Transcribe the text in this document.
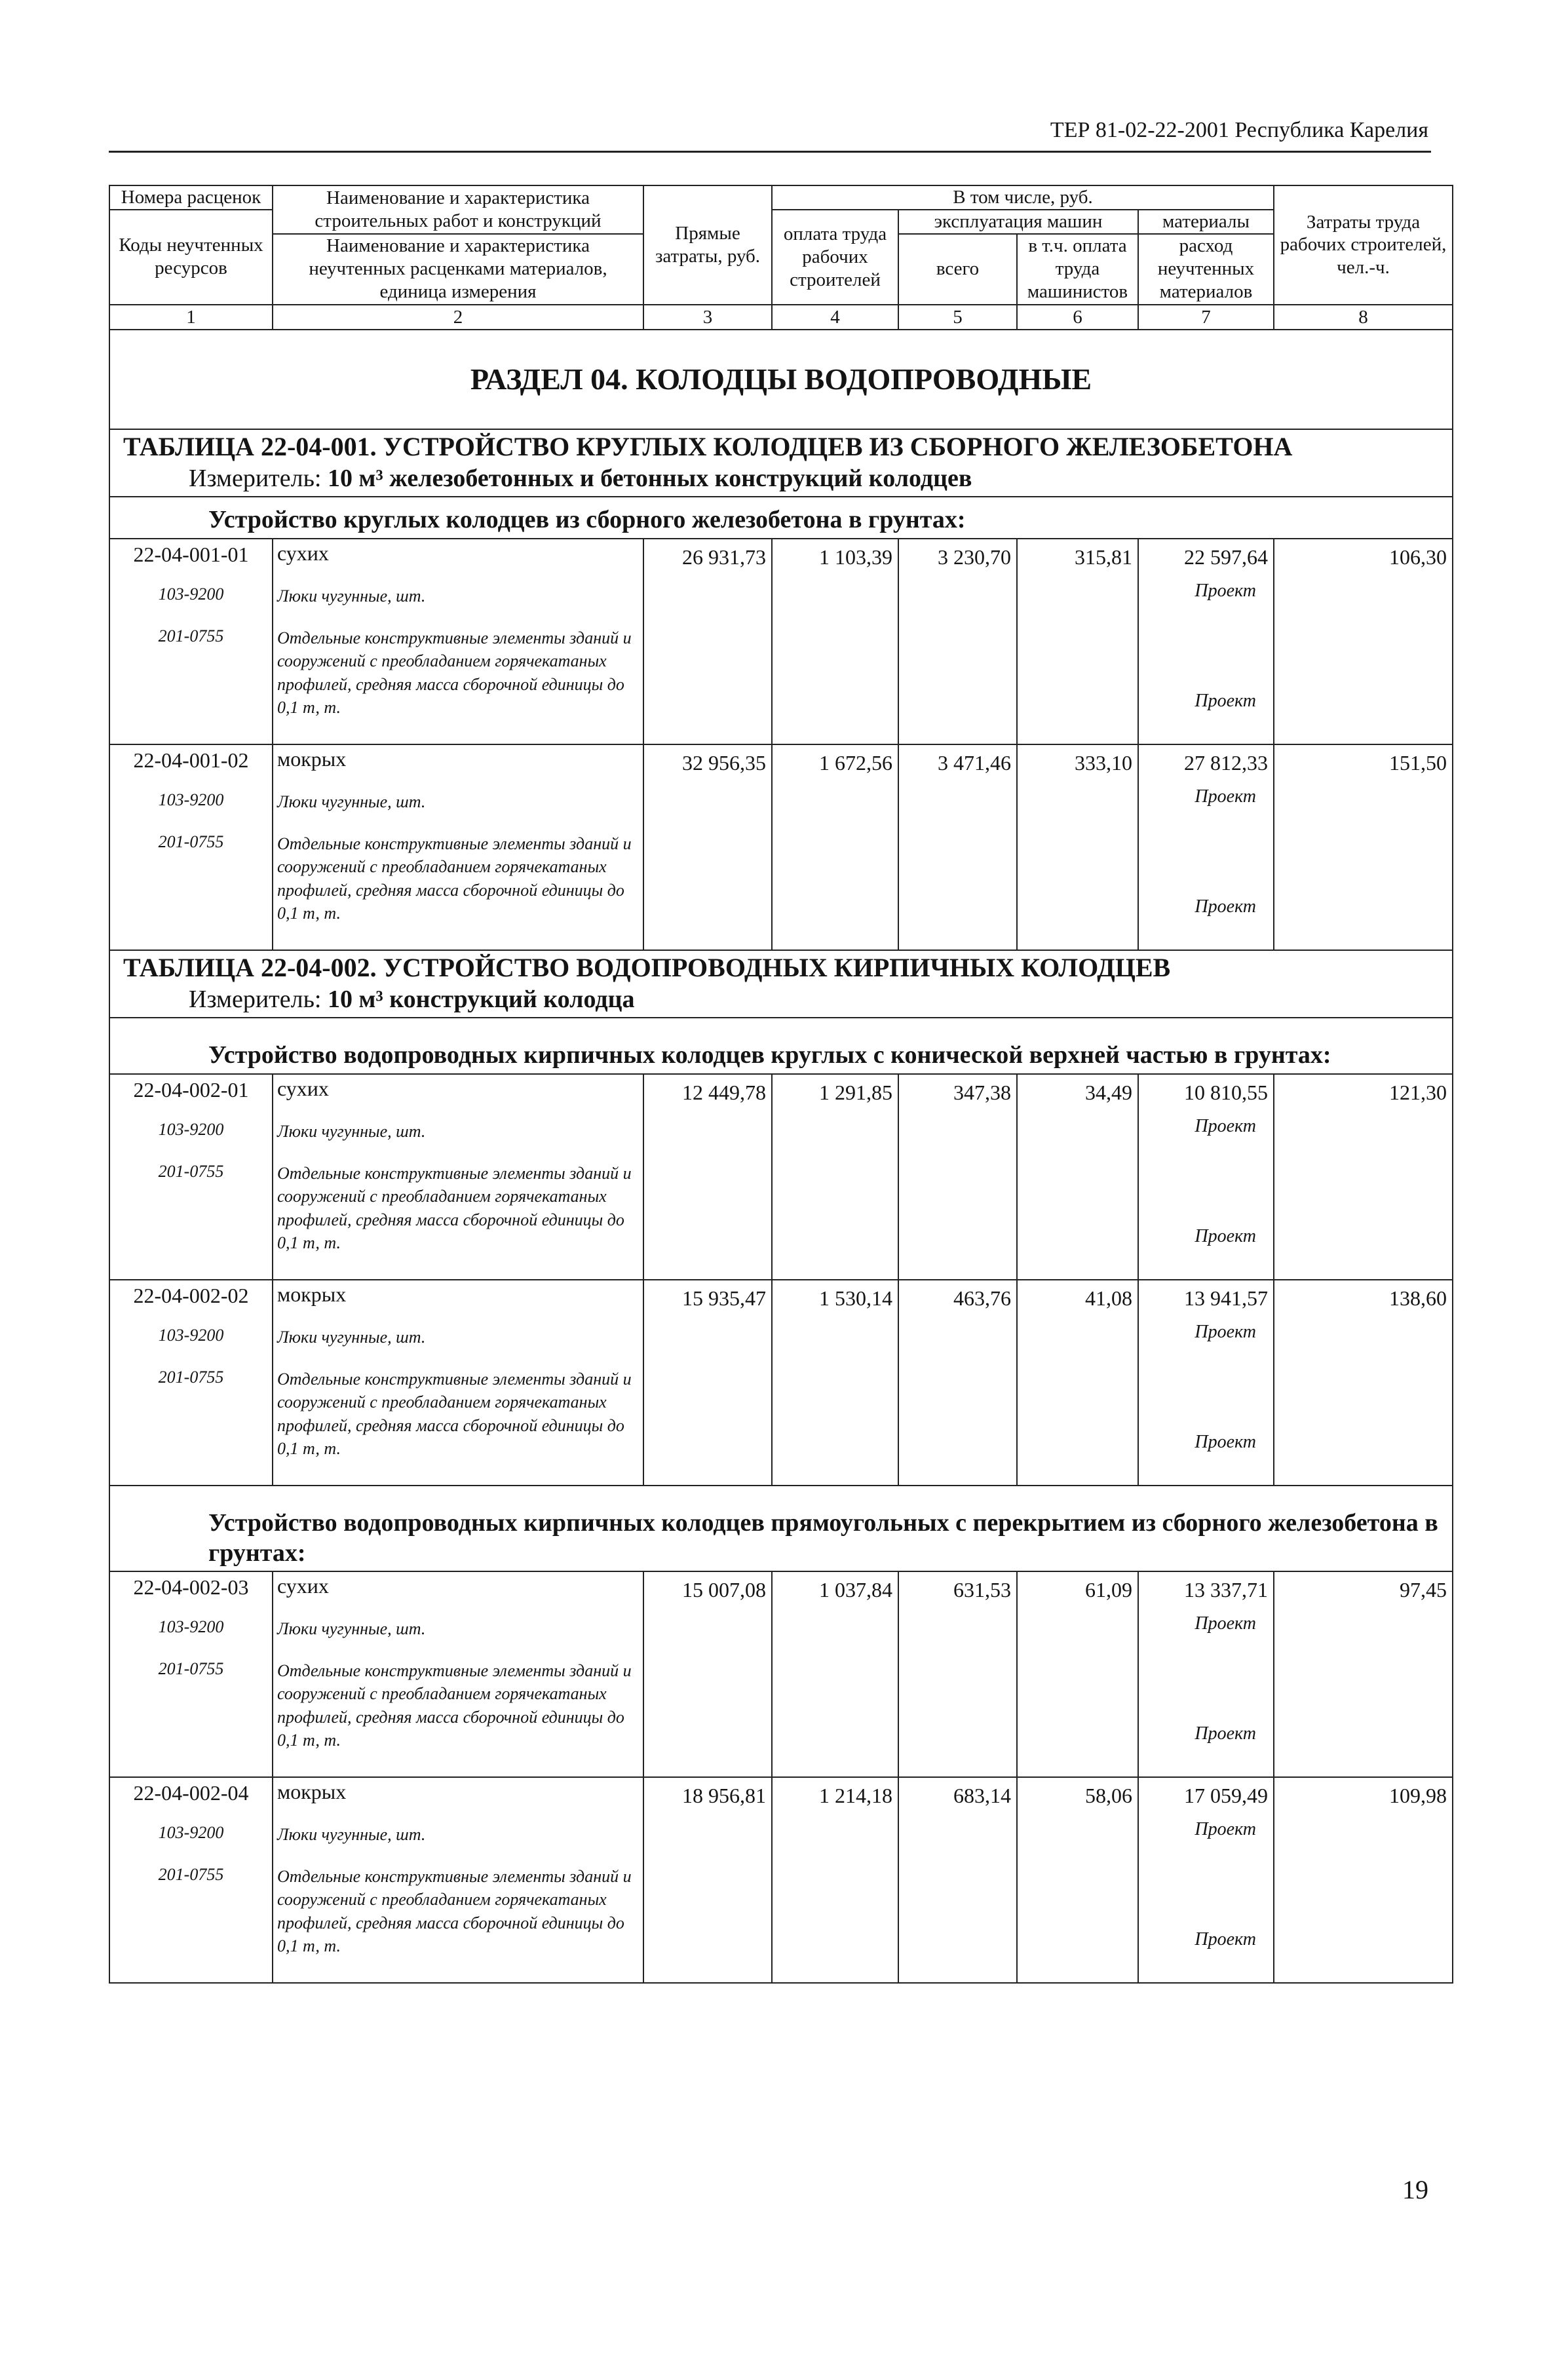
ТЕР 81-02-22-2001 Республика Карелия
Номера расценок	Наименование и характеристика строительных работ и конструкций	Прямые затраты, руб.	В том числе, руб.				Затраты труда рабочих строителей, чел.-ч.
Коды неучтенных ресурсов			оплата труда рабочих строителей	эксплуатация машин		материалы	
	Наименование и характеристика неучтенных расценками материалов, единица измерения			всего	в т.ч. оплата труда машинистов	расход неучтенных материалов	

1	2	3	4	5	6	7	8
РАЗДЕЛ 04. КОЛОДЦЫ ВОДОПРОВОДНЫЕ							

ТАБЛИЦА 22-04-001. УСТРОЙСТВО КРУГЛЫХ КОЛОДЦЕВ ИЗ СБОРНОГО ЖЕЛЕЗОБЕТОНА
Измеритель: 10 м³ железобетонных и бетонных конструкций колодцев							

Устройство круглых колодцев из сборного железобетона в грунтах:							
22-04-001-01	сухих	26 931,73	1 103,39	3 230,70	315,81	22 597,64	106,30
103-9200	Люки чугунные, шт.					Проект	
201-0755	Отдельные конструктивные элементы зданий и сооружений с преобладанием горячекатаных профилей, средняя масса сборочной единицы до 0,1 т, т.					Проект	
22-04-001-02	мокрых	32 956,35	1 672,56	3 471,46	333,10	27 812,33	151,50
103-9200	Люки чугунные, шт.					Проект	
201-0755	Отдельные конструктивные элементы зданий и сооружений с преобладанием горячекатаных профилей, средняя масса сборочной единицы до 0,1 т, т.					Проект	

ТАБЛИЦА 22-04-002. УСТРОЙСТВО ВОДОПРОВОДНЫХ КИРПИЧНЫХ КОЛОДЦЕВ
Измеритель: 10 м³ конструкций колодца							

Устройство водопроводных кирпичных колодцев круглых с конической верхней частью в грунтах:							
22-04-002-01	сухих	12 449,78	1 291,85	347,38	34,49	10 810,55	121,30
103-9200	Люки чугунные, шт.					Проект	
201-0755	Отдельные конструктивные элементы зданий и сооружений с преобладанием горячекатаных профилей, средняя масса сборочной единицы до 0,1 т, т.					Проект	
22-04-002-02	мокрых	15 935,47	1 530,14	463,76	41,08	13 941,57	138,60
103-9200	Люки чугунные, шт.					Проект	
201-0755	Отдельные конструктивные элементы зданий и сооружений с преобладанием горячекатаных профилей, средняя масса сборочной единицы до 0,1 т, т.					Проект	
Устройство водопроводных кирпичных колодцев прямоугольных с перекрытием из сборного железобетона в грунтах:							
22-04-002-03	сухих	15 007,08	1 037,84	631,53	61,09	13 337,71	97,45
103-9200	Люки чугунные, шт.					Проект	
201-0755	Отдельные конструктивные элементы зданий и сооружений с преобладанием горячекатаных профилей, средняя масса сборочной единицы до 0,1 т, т.					Проект	
22-04-002-04	мокрых	18 956,81	1 214,18	683,14	58,06	17 059,49	109,98
103-9200	Люки чугунные, шт.					Проект	
201-0755	Отдельные конструктивные элементы зданий и сооружений с преобладанием горячекатаных профилей, средняя масса сборочной единицы до 0,1 т, т.					Проект	
19
